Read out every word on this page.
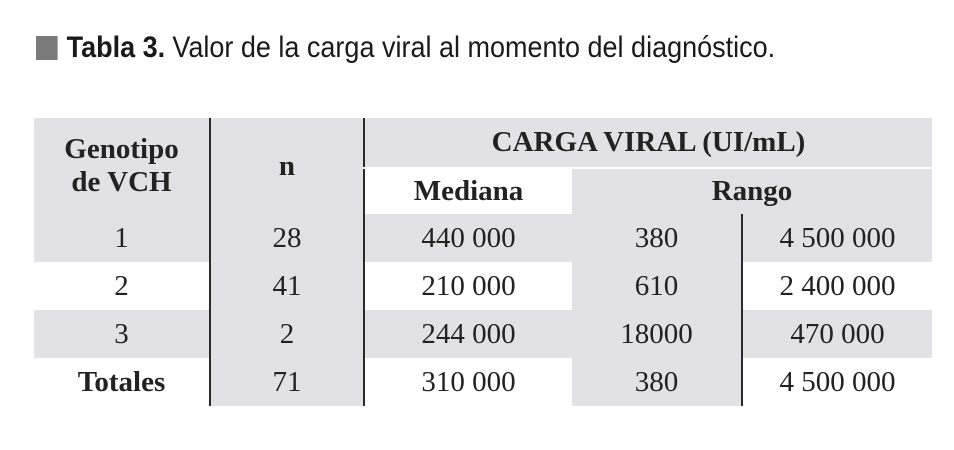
Tabla 3. Valor de la carga viral al momento del diagnóstico.
Genotipo
de VCH	n	CARGA VIRAL (UI/mL)		
		Mediana	Rango	
1	28	440 000	380	4 500 000
2	41	210 000	610	2 400 000
3	2	244 000	18000	470 000
Totales	71	310 000	380	4 500 000
